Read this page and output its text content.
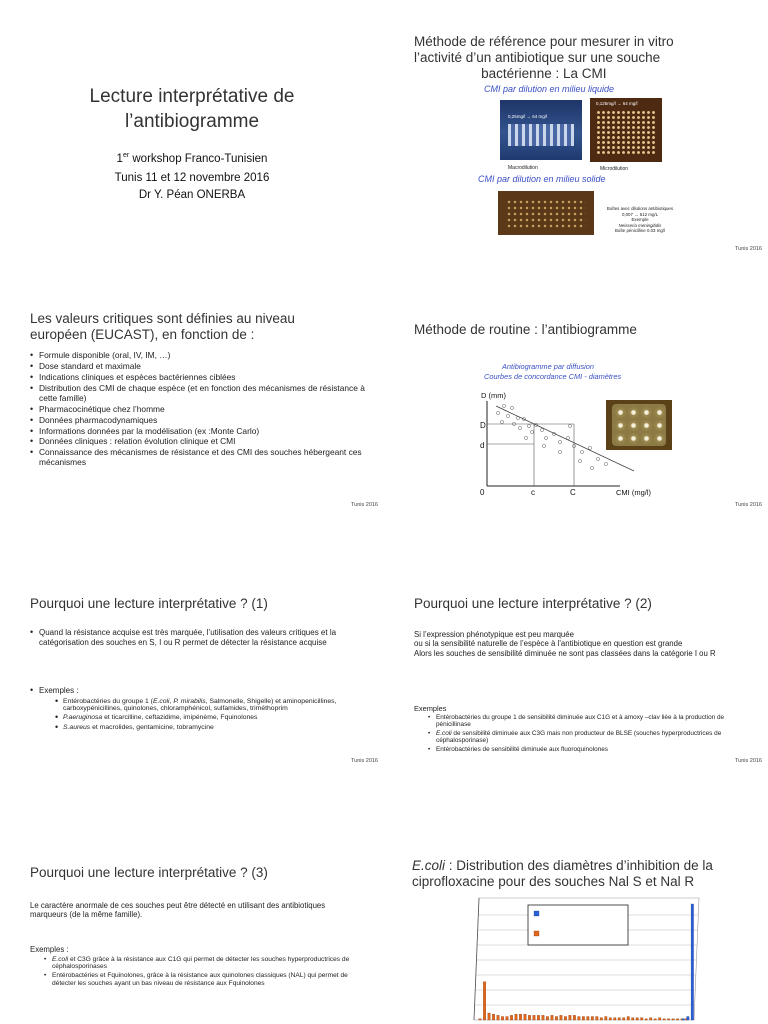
Lecture interprétative de
l’antibiogramme
1er workshop Franco-Tunisien
Tunis 11 et 12 novembre 2016
Dr Y. Péan ONERBA
Méthode de référence pour mesurer in vitro
l’activité d’un antibiotique sur une souche
bactérienne : La CMI
CMI par dilution en milieu liquide
0,25mg/l → 64 mg/l
0,125mg/l → 64 mg/l
Macrodilution	Microdilution
CMI par dilution en milieu solide
Boîtes avec dilutions antibiotiques
0,007 → 512 mg/L
Exemple
Neisseria meningitidis
Boîte pénicilline 0.03 mg/l
Tunis 2016
Les valeurs critiques sont définies au niveau
européen (EUCAST), en fonction de :
• Formule disponible (oral, IV, IM, …)
• Dose standard et maximale
• Indications cliniques et espèces bactériennes ciblées
• Distribution des CMI de chaque espèce (et en fonction des mécanismes de résistance à cette famille)
• Pharmacocinétique chez l’homme
• Données pharmacodynamiques
• Informations données par la modélisation (ex :Monte Carlo)
• Données cliniques : relation évolution clinique et CMI
• Connaissance des mécanismes de résistance et des CMI des souches hébergeant ces mécanismes
Tunis 2016
Méthode de routine : l’antibiogramme
Antibiogramme par diffusion
Courbes de concordance CMI - diamètres
D (mm)
D
d
0	c	C	CMI (mg/l)
Tunis 2016
Pourquoi une lecture interprétative ? (1)
• Quand la résistance acquise est très marquée, l’utilisation des valeurs critiques et la catégorisation des souches en S, I ou R permet de détecter la résistance acquise
• Exemples :
• Entérobactéries du groupe 1 (E.coli, P. mirabilis, Salmonelle, Shigelle) et aminopenicillines, carboxypénicillines, quinolones, chloramphénicol, sulfamides, triméthoprim
• P.aeruginosa et ticarcilline, ceftazidime, imipénème, Fquinolones
• S.aureus et macrolides, gentamicine, tobramycine
Tunis 2016
Pourquoi une lecture interprétative ? (2)
Si l’expression phénotypique est peu marquée
ou si la sensibilité naturelle de l’espèce à l’antibiotique en question est grande
Alors les souches de sensibilité diminuée ne sont pas classées dans la catégorie I ou R
Exemples
• Entérobactéries du groupe 1 de sensibilité diminuée aux C1G et à amoxy –clav liée à la production de pénicillinase
• E.coli de sensibilité diminuée aux C3G mais non producteur de BLSE (souches hyperproductrices de céphalosporinase)
• Entérobactéries de sensibilité diminuée aux fluoroquinolones
Tunis 2016
Pourquoi une lecture interprétative ? (3)
Le caractère anormale de ces souches peut être détecté en utilisant des antibiotiques marqueurs (de la même famille).
Exemples :
• E.coli et C3G grâce à la résistance aux C1G qui permet de détecter les souches hyperproductrices de céphalosporinases
• Entérobactéries et Fquinolones, grâce à la résistance aux quinolones classiques (NAL) qui permet de détecter les souches ayant un bas niveau de résistance aux Fquinolones
E.coli : Distribution des diamètres d’inhibition de la
ciprofloxacine pour des souches Nal S et Nal R
